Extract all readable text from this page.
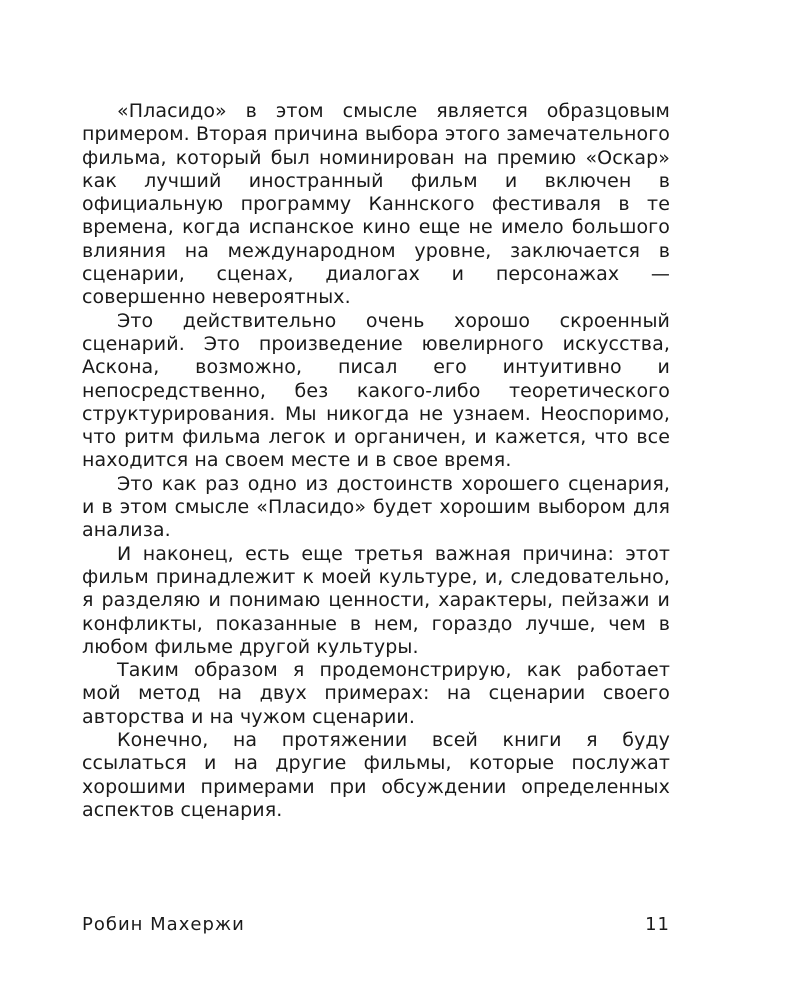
«Пласидо» в этом смысле является образцовым примером. Вторая причина выбора этого замечательного фильма, который был номинирован на премию «Оскар» как лучший иностранный фильм и включен в официальную программу Каннского фестиваля в те времена, когда испанское кино еще не имело большого влияния на международном уровне, заключается в сценарии, сценах, диалогах и персонажах — совершенно невероятных.

Это действительно очень хорошо скроенный сценарий. Это произведение ювелирного искусства, Аскона, возможно, писал его интуитивно и непосредственно, без какого-либо теоретического структурирования. Мы никогда не узнаем. Неоспоримо, что ритм фильма легок и органичен, и кажется, что все находится на своем месте и в свое время.

Это как раз одно из достоинств хорошего сценария, и в этом смысле «Пласидо» будет хорошим выбором для анализа.

И наконец, есть еще третья важная причина: этот фильм принадлежит к моей культуре, и, следовательно, я разделяю и понимаю ценности, характеры, пейзажи и конфликты, показанные в нем, гораздо лучше, чем в любом фильме другой культуры.

Таким образом я продемонстрирую, как работает мой метод на двух примерах: на сценарии своего авторства и на чужом сценарии.

Конечно, на протяжении всей книги я буду ссылаться и на другие фильмы, которые послужат хорошими примерами при обсуждении определенных аспектов сценария.

Робин Махержи	11
